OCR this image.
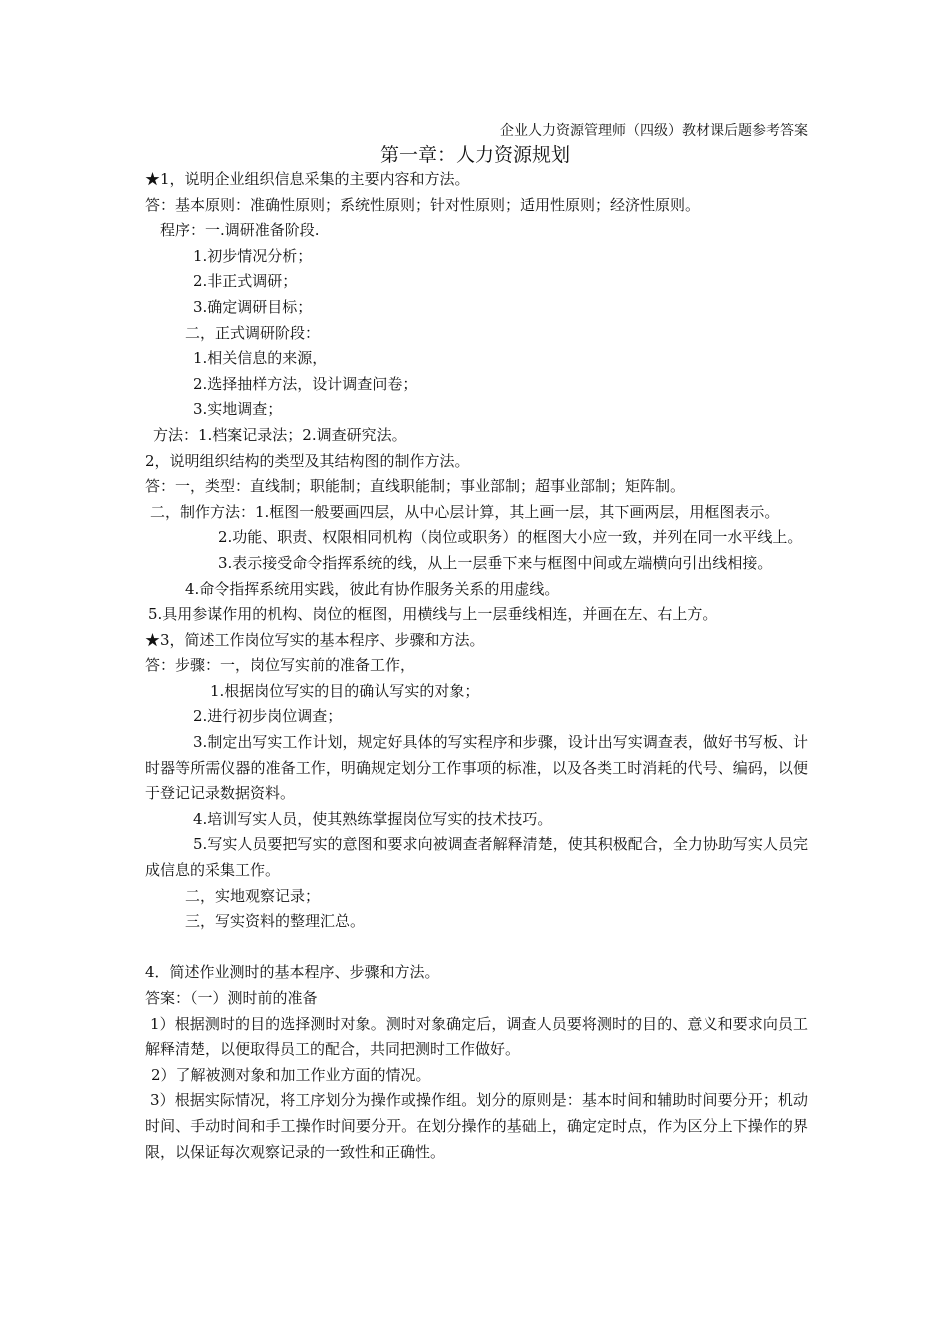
企业人力资源管理师（四级）教材课后题参考答案
第一章：人力资源规划
★1，说明企业组织信息采集的主要内容和方法。
答：基本原则：准确性原则；系统性原则；针对性原则；适用性原则；经济性原则。
程序：一.调研准备阶段.
1.初步情况分析；
2.非正式调研；
3.确定调研目标；
二，正式调研阶段：
1.相关信息的来源，
2.选择抽样方法，设计调查问卷；
3.实地调查；
方法：1.档案记录法；2.调查研究法。
2，说明组织结构的类型及其结构图的制作方法。
答：一，类型：直线制；职能制；直线职能制；事业部制；超事业部制；矩阵制。
二，制作方法：1.框图一般要画四层，从中心层计算，其上画一层，其下画两层，用框图表示。
2.功能、职责、权限相同机构（岗位或职务）的框图大小应一致，并列在同一水平线上。
3.表示接受命令指挥系统的线，从上一层垂下来与框图中间或左端横向引出线相接。
4.命令指挥系统用实践，彼此有协作服务关系的用虚线。
5.具用参谋作用的机构、岗位的框图，用横线与上一层垂线相连，并画在左、右上方。
★3，简述工作岗位写实的基本程序、步骤和方法。
答：步骤：一，岗位写实前的准备工作，
1.根据岗位写实的目的确认写实的对象；
2.进行初步岗位调查；
3.制定出写实工作计划，规定好具体的写实程序和步骤，设计出写实调查表，做好书写板、计时器等所需仪器的准备工作，明确规定划分工作事项的标准，以及各类工时消耗的代号、编码，以便于登记记录数据资料。
4.培训写实人员，使其熟练掌握岗位写实的技术技巧。
5.写实人员要把写实的意图和要求向被调查者解释清楚，使其积极配合，全力协助写实人员完成信息的采集工作。
二，实地观察记录；
三，写实资料的整理汇总。
4．简述作业测时的基本程序、步骤和方法。
答案：（一）测时前的准备
1）根据测时的目的选择测时对象。测时对象确定后，调查人员要将测时的目的、意义和要求向员工解释清楚，以便取得员工的配合，共同把测时工作做好。
2）了解被测对象和加工作业方面的情况。
3）根据实际情况，将工序划分为操作或操作组。划分的原则是：基本时间和辅助时间要分开；机动时间、手动时间和手工操作时间要分开。在划分操作的基础上，确定定时点，作为区分上下操作的界限，以保证每次观察记录的一致性和正确性。
